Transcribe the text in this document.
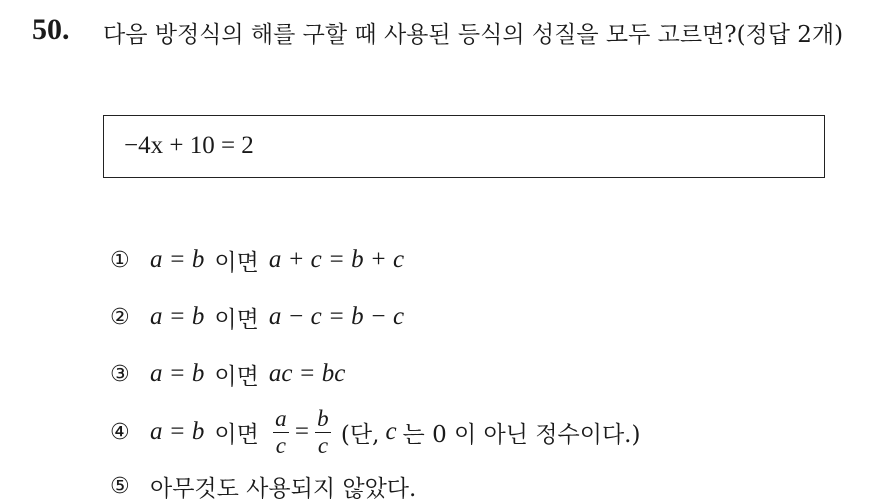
50. 다음 방정식의 해를 구할 때 사용된 등식의 성질을 모두 고르면?(정답 2개)
−4x + 10 = 2
① a = b 이면 a + c = b + c
② a = b 이면 a − c = b − c
③ a = b 이면 ac = bc
④ a = b 이면 $\frac{a}{c} = \frac{b}{c}$ (단, c 는 0 이 아닌 정수이다.)
⑤ 아무것도 사용되지 않았다.
